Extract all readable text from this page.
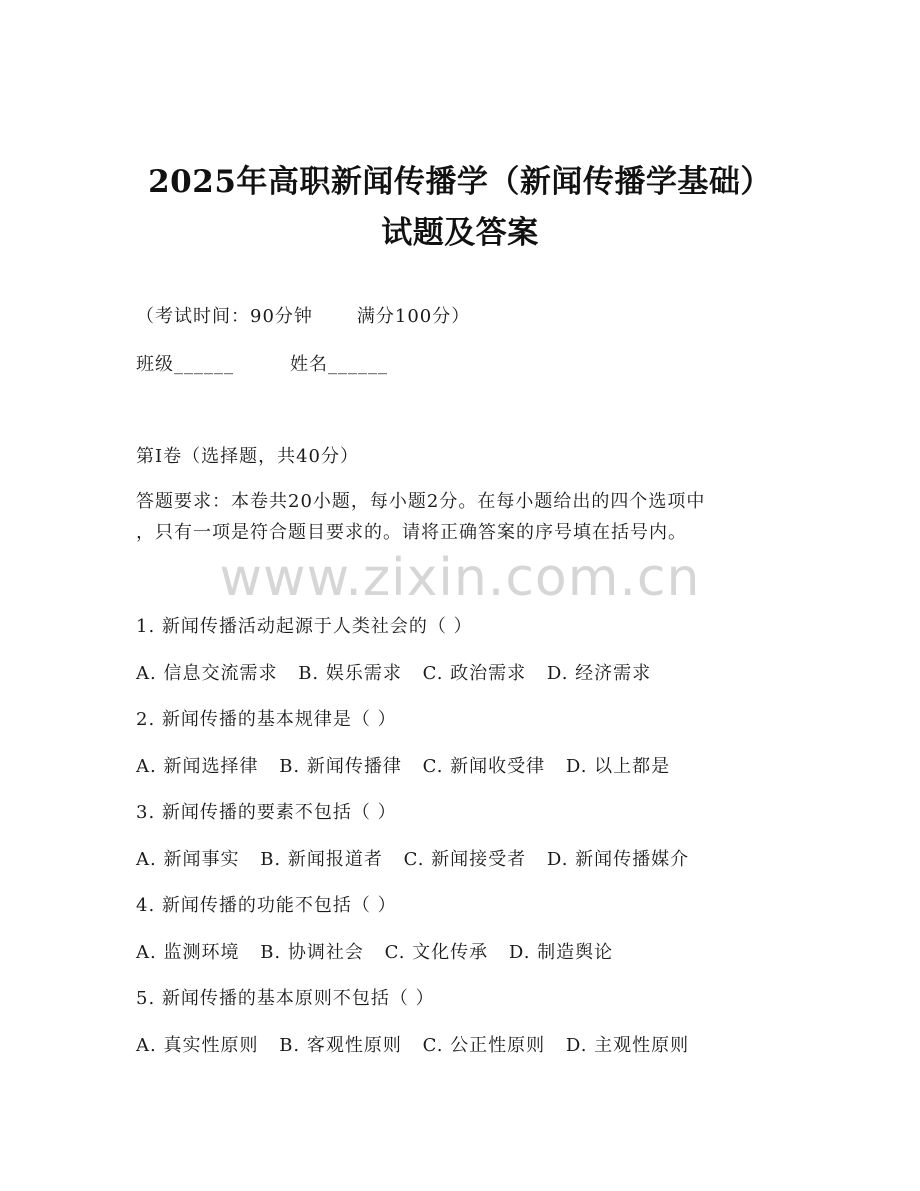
2025年高职新闻传播学（新闻传播学基础）
试题及答案
（考试时间：90分钟 满分100分）
班级______	姓名______
第I卷（选择题，共40分）
答题要求：本卷共20小题，每小题2分。在每小题给出的四个选项中
，只有一项是符合题目要求的。请将正确答案的序号填在括号内。
www.zixin.com.cn
1. 新闻传播活动起源于人类社会的（ ）
A. 信息交流需求 B. 娱乐需求 C. 政治需求 D. 经济需求
2. 新闻传播的基本规律是（ ）
A. 新闻选择律 B. 新闻传播律 C. 新闻收受律 D. 以上都是
3. 新闻传播的要素不包括（ ）
A. 新闻事实 B. 新闻报道者 C. 新闻接受者 D. 新闻传播媒介
4. 新闻传播的功能不包括（ ）
A. 监测环境 B. 协调社会 C. 文化传承 D. 制造舆论
5. 新闻传播的基本原则不包括（ ）
A. 真实性原则 B. 客观性原则 C. 公正性原则 D. 主观性原则
